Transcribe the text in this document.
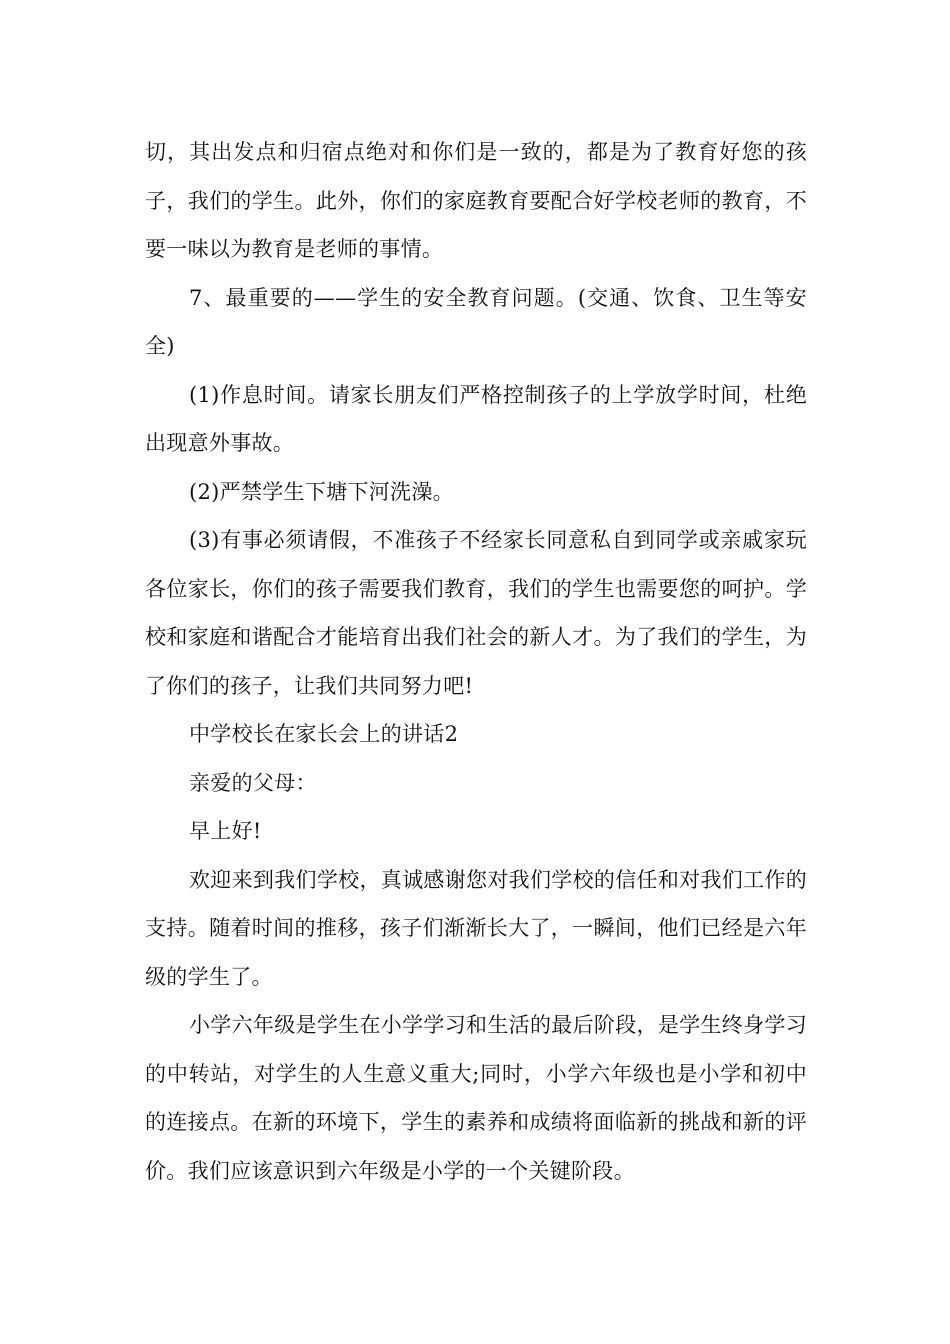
切，其出发点和归宿点绝对和你们是一致的，都是为了教育好您的孩子，我们的学生。此外，你们的家庭教育要配合好学校老师的教育，不要一味以为教育是老师的事情。

7、最重要的——学生的安全教育问题。(交通、饮食、卫生等安全)

(1)作息时间。请家长朋友们严格控制孩子的上学放学时间，杜绝出现意外事故。

(2)严禁学生下塘下河洗澡。

(3)有事必须请假，不准孩子不经家长同意私自到同学或亲戚家玩各位家长，你们的孩子需要我们教育，我们的学生也需要您的呵护。学校和家庭和谐配合才能培育出我们社会的新人才。为了我们的学生，为了你们的孩子，让我们共同努力吧!

中学校长在家长会上的讲话2

亲爱的父母：

早上好!

欢迎来到我们学校，真诚感谢您对我们学校的信任和对我们工作的支持。随着时间的推移，孩子们渐渐长大了，一瞬间，他们已经是六年级的学生了。

小学六年级是学生在小学学习和生活的最后阶段，是学生终身学习的中转站，对学生的人生意义重大;同时，小学六年级也是小学和初中的连接点。在新的环境下，学生的素养和成绩将面临新的挑战和新的评价。我们应该意识到六年级是小学的一个关键阶段。
